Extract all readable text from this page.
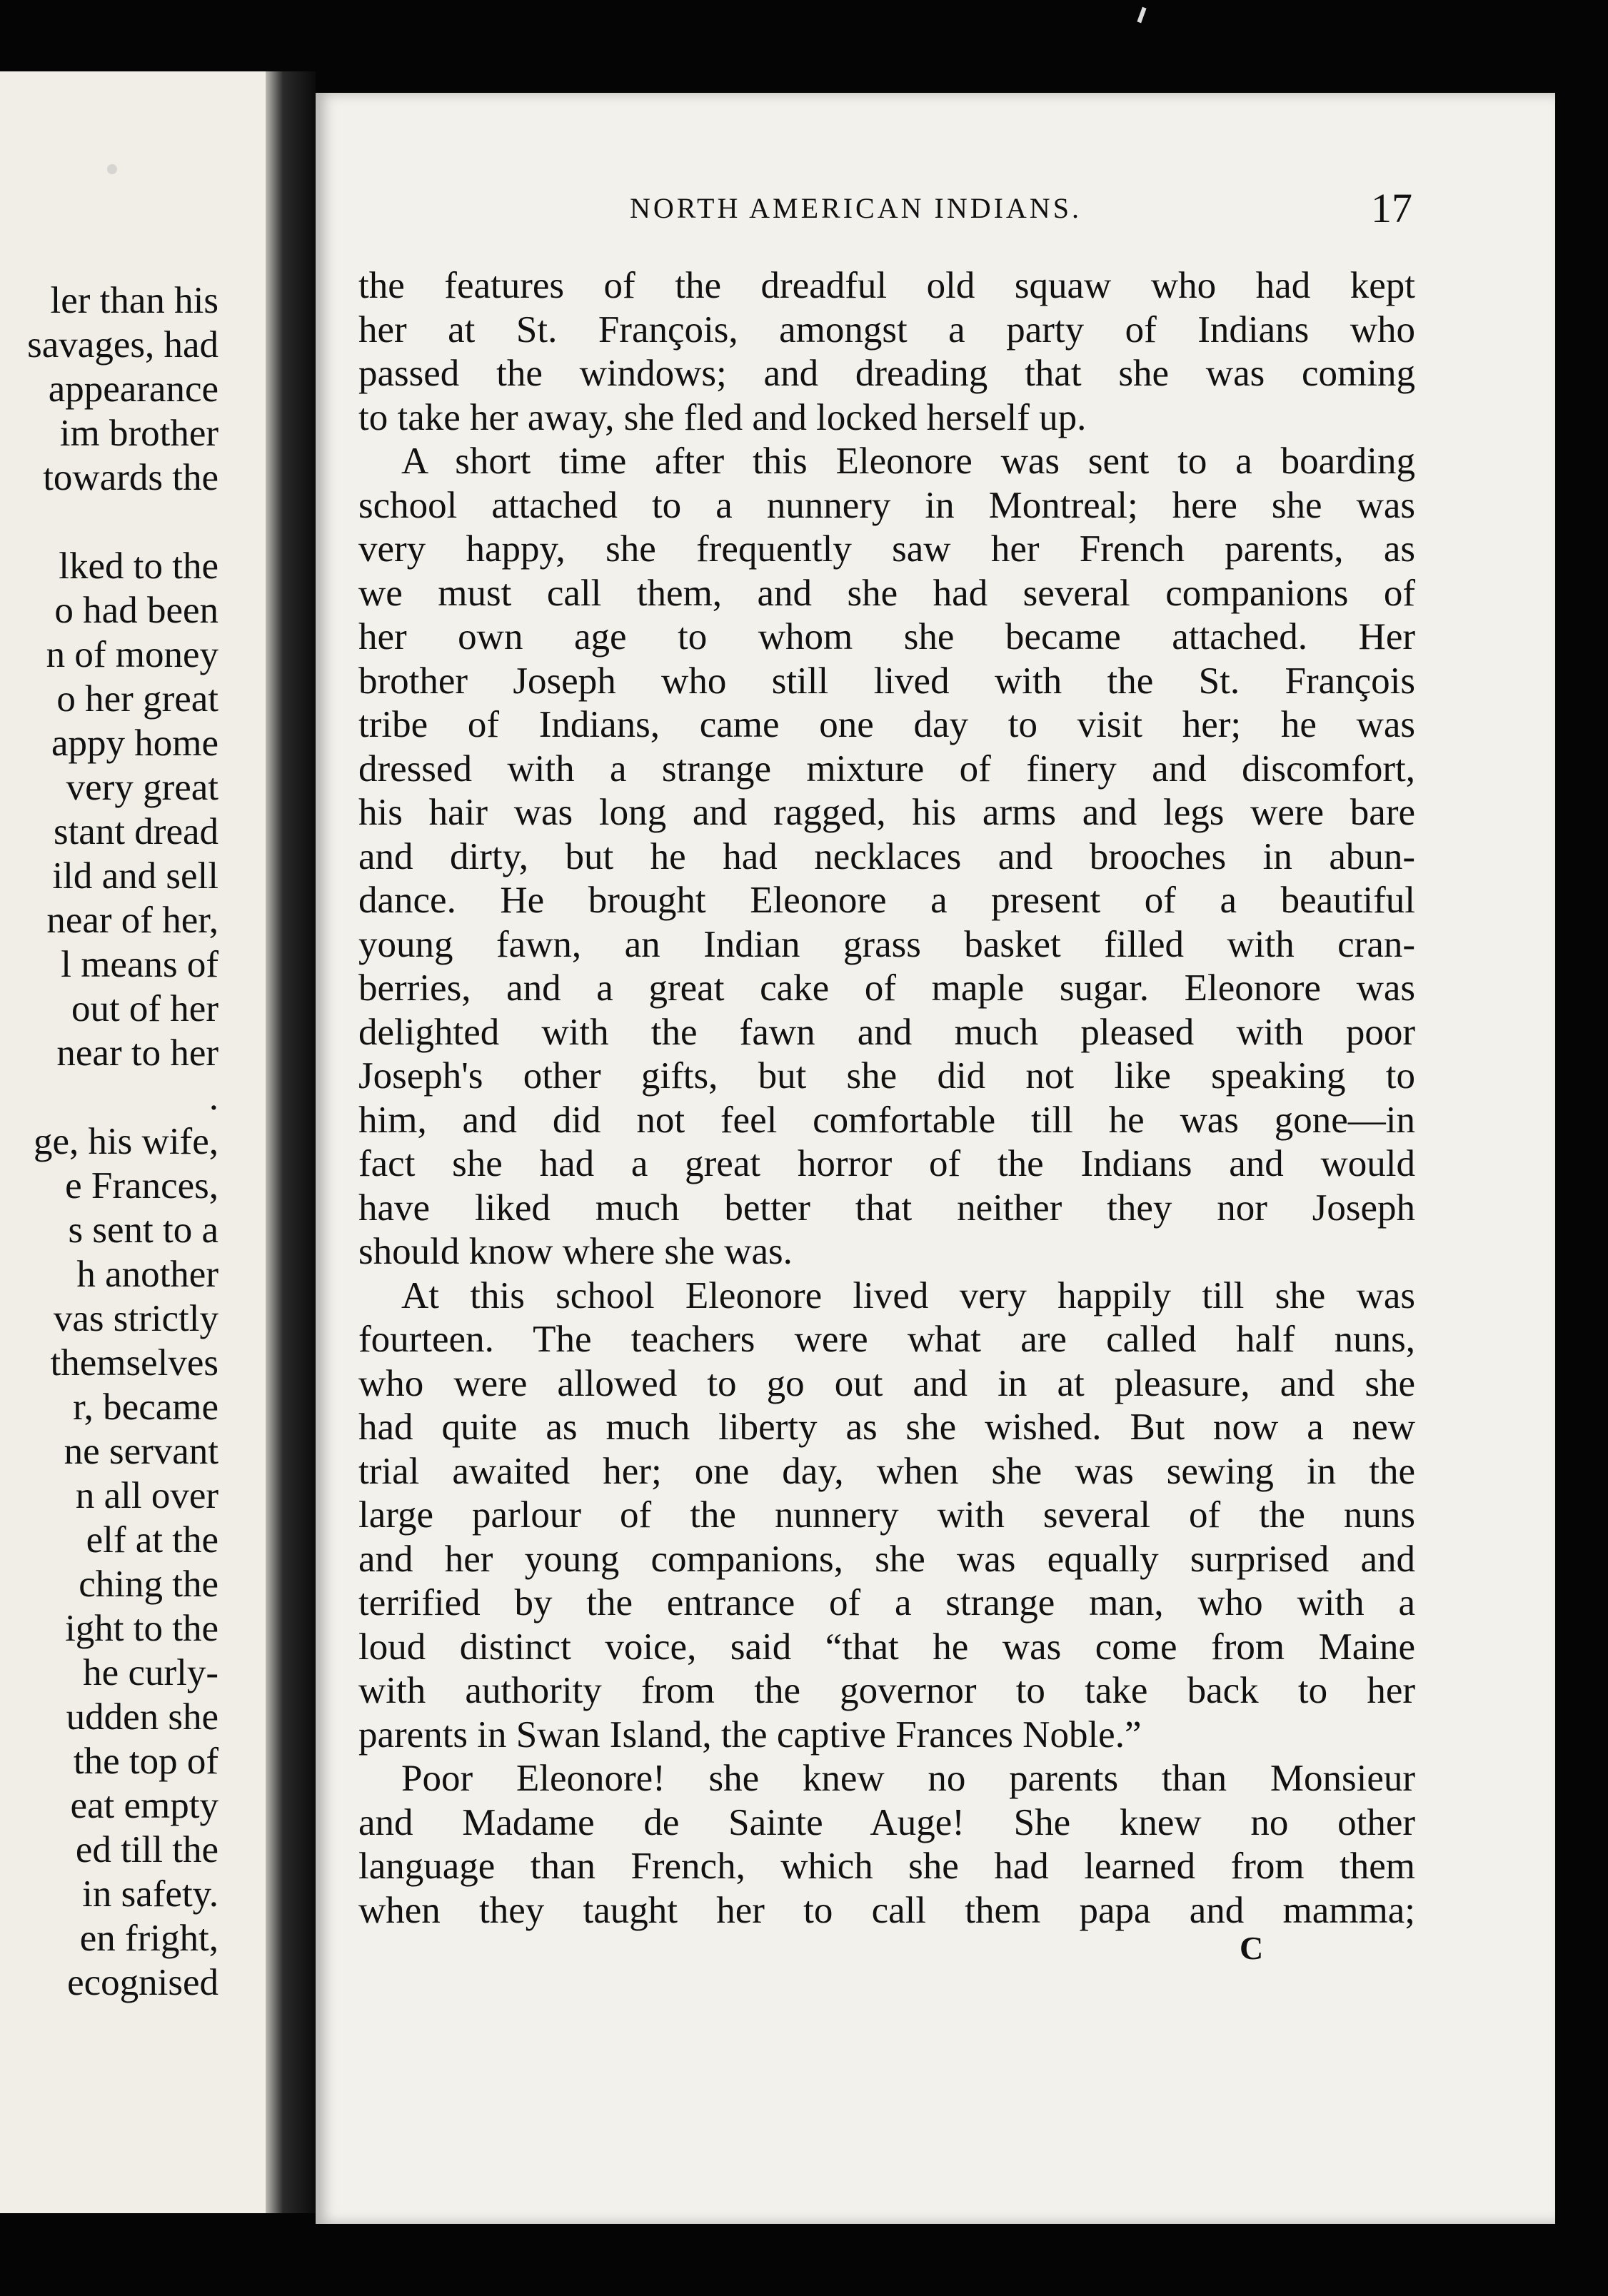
ler than his
savages, had
appearance
im brother
towards the
lked to the
o had been
n of money
o her great
appy home
very great
stant dread
ild and sell
near of her,
l means of
out of her
near to her
.
ge, his wife,
e Frances,
s sent to a
h another
vas strictly
themselves
r, became
ne servant
n all over
elf at the
ching the
ight to the
he curly-
udden she
the top of
eat empty
ed till the
in safety.
en fright,
ecognised
NORTH AMERICAN INDIANS.	17
the features of the dreadful old squaw who had kept
her at St. François, amongst a party of Indians who
passed the windows; and dreading that she was coming
to take her away, she fled and locked herself up.
A short time after this Eleonore was sent to a boarding
school attached to a nunnery in Montreal; here she was
very happy, she frequently saw her French parents, as
we must call them, and she had several companions of
her own age to whom she became attached. Her
brother Joseph who still lived with the St. François
tribe of Indians, came one day to visit her; he was
dressed with a strange mixture of finery and discomfort,
his hair was long and ragged, his arms and legs were bare
and dirty, but he had necklaces and brooches in abun-
dance. He brought Eleonore a present of a beautiful
young fawn, an Indian grass basket filled with cran-
berries, and a great cake of maple sugar. Eleonore was
delighted with the fawn and much pleased with poor
Joseph's other gifts, but she did not like speaking to
him, and did not feel comfortable till he was gone—in
fact she had a great horror of the Indians and would
have liked much better that neither they nor Joseph
should know where she was.
At this school Eleonore lived very happily till she was
fourteen. The teachers were what are called half nuns,
who were allowed to go out and in at pleasure, and she
had quite as much liberty as she wished. But now a new
trial awaited her; one day, when she was sewing in the
large parlour of the nunnery with several of the nuns
and her young companions, she was equally surprised and
terrified by the entrance of a strange man, who with a
loud distinct voice, said “that he was come from Maine
with authority from the governor to take back to her
parents in Swan Island, the captive Frances Noble.”
Poor Eleonore! she knew no parents than Monsieur
and Madame de Sainte Auge! She knew no other
language than French, which she had learned from them
when they taught her to call them papa and mamma;
C
